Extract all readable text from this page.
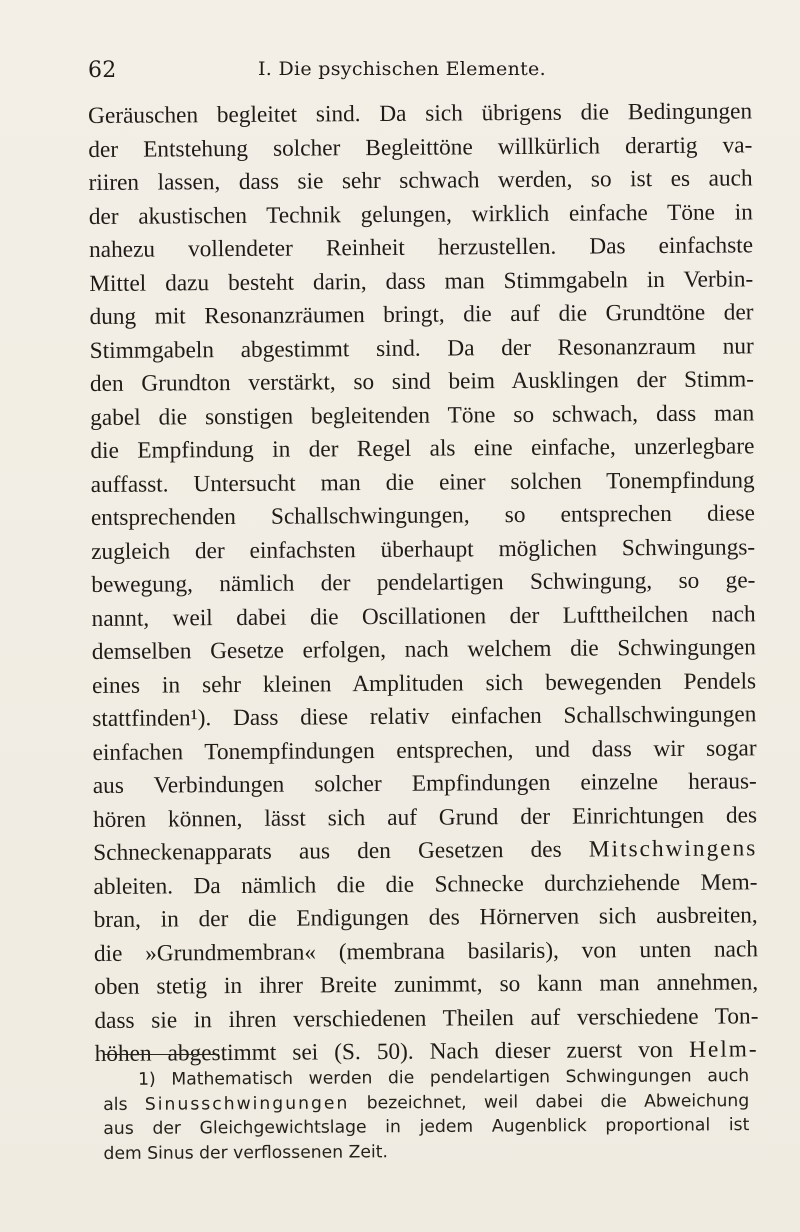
62	I. Die psychischen Elemente.
Geräuschen begleitet sind. Da sich übrigens die Bedingungen
der Entstehung solcher Begleittöne willkürlich derartig va-
riiren lassen, dass sie sehr schwach werden, so ist es auch
der akustischen Technik gelungen, wirklich einfache Töne in
nahezu vollendeter Reinheit herzustellen. Das einfachste
Mittel dazu besteht darin, dass man Stimmgabeln in Verbin-
dung mit Resonanzräumen bringt, die auf die Grundtöne der
Stimmgabeln abgestimmt sind. Da der Resonanzraum nur
den Grundton verstärkt, so sind beim Ausklingen der Stimm-
gabel die sonstigen begleitenden Töne so schwach, dass man
die Empfindung in der Regel als eine einfache, unzerlegbare
auffasst. Untersucht man die einer solchen Tonempfindung
entsprechenden Schallschwingungen, so entsprechen diese
zugleich der einfachsten überhaupt möglichen Schwingungs-
bewegung, nämlich der pendelartigen Schwingung, so ge-
nannt, weil dabei die Oscillationen der Lufttheilchen nach
demselben Gesetze erfolgen, nach welchem die Schwingungen
eines in sehr kleinen Amplituden sich bewegenden Pendels
stattfinden¹). Dass diese relativ einfachen Schallschwingungen
einfachen Tonempfindungen entsprechen, und dass wir sogar
aus Verbindungen solcher Empfindungen einzelne heraus-
hören können, lässt sich auf Grund der Einrichtungen des
Schneckenapparats aus den Gesetzen des Mitschwingens
ableiten. Da nämlich die die Schnecke durchziehende Mem-
bran, in der die Endigungen des Hörnerven sich ausbreiten,
die »Grundmembran« (membrana basilaris), von unten nach
oben stetig in ihrer Breite zunimmt, so kann man annehmen,
dass sie in ihren verschiedenen Theilen auf verschiedene Ton-
höhen abgestimmt sei (S. 50). Nach dieser zuerst von Helm-
1) Mathematisch werden die pendelartigen Schwingungen auch
als Sinusschwingungen bezeichnet, weil dabei die Abweichung
aus der Gleichgewichtslage in jedem Augenblick proportional ist
dem Sinus der verflossenen Zeit.
